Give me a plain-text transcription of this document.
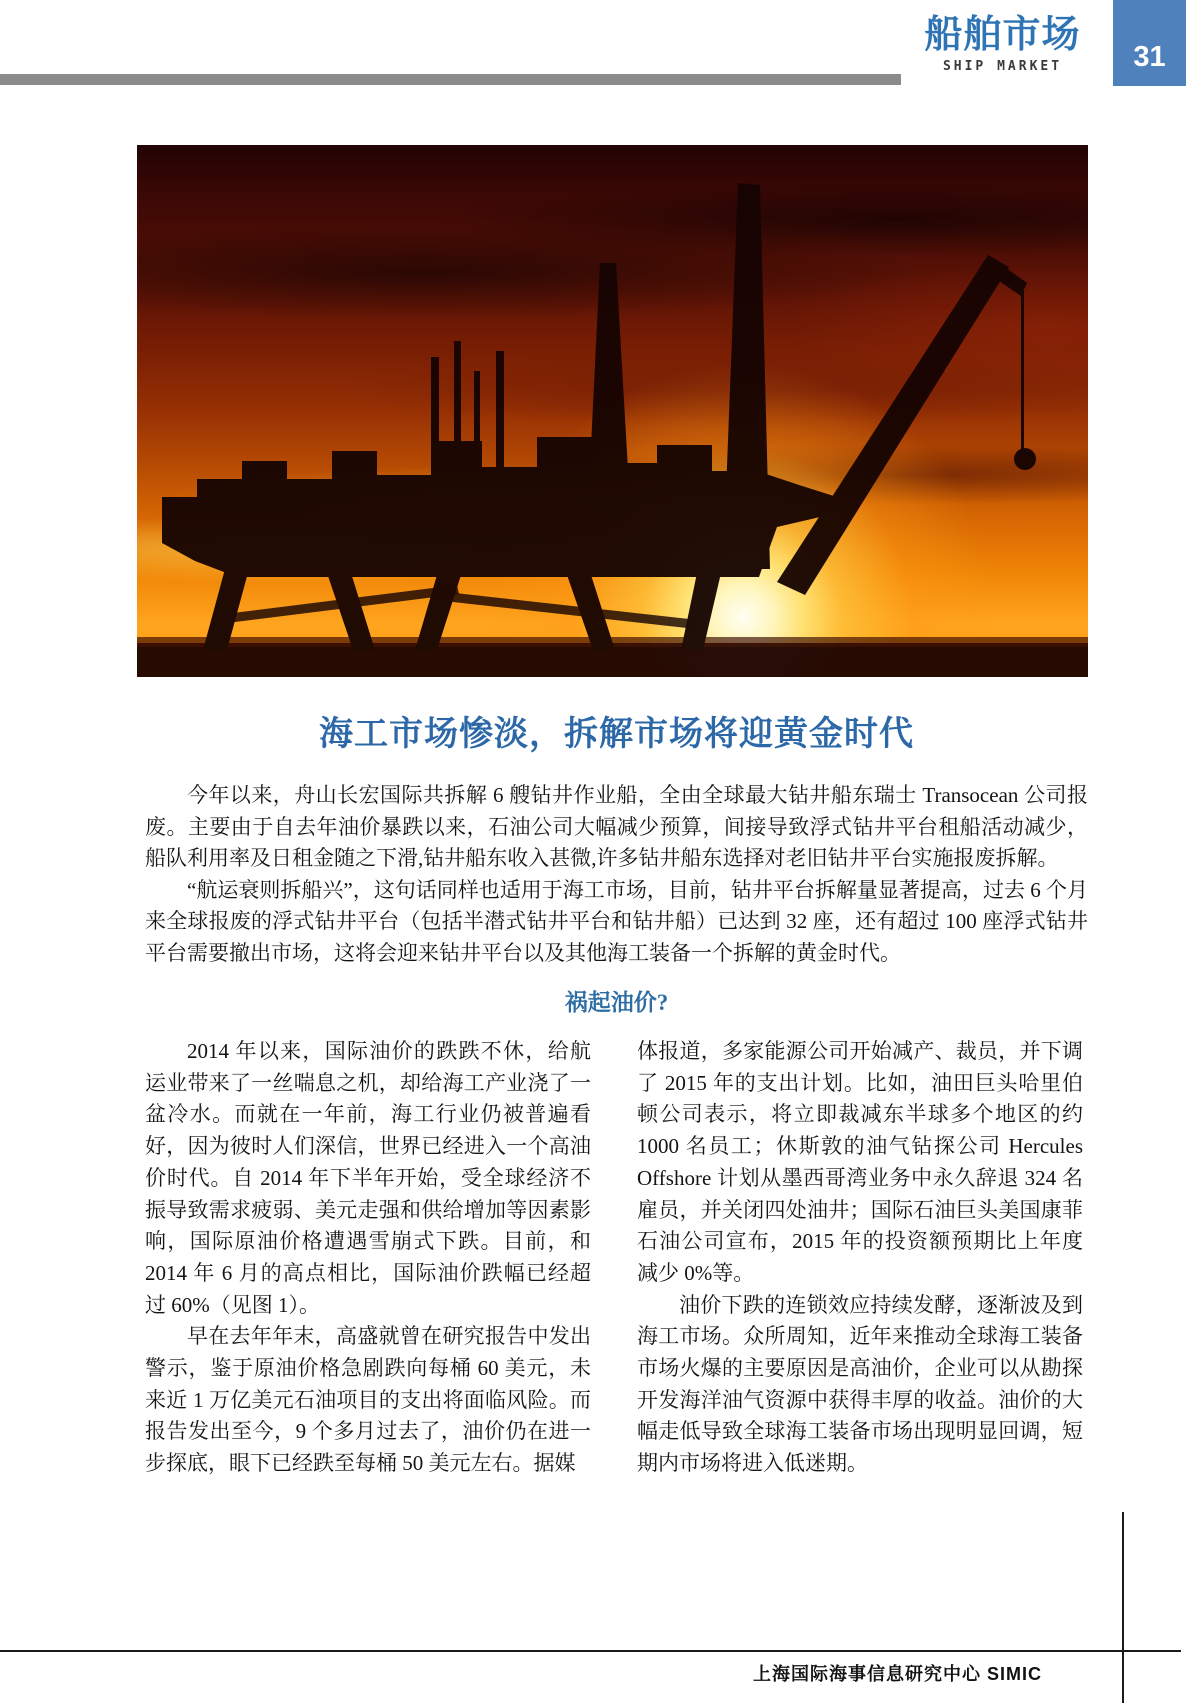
船舶市场
SHIP MARKET	31
海工市场惨淡，拆解市场将迎黄金时代

今年以来，舟山长宏国际共拆解 6 艘钻井作业船，全由全球最大钻井船东瑞士 Transocean 公司报废。主要由于自去年油价暴跌以来，石油公司大幅减少预算，间接导致浮式钻井平台租船活动减少，船队利用率及日租金随之下滑,钻井船东收入甚微,许多钻井船东选择对老旧钻井平台实施报废拆解。

“航运衰则拆船兴”，这句话同样也适用于海工市场，目前，钻井平台拆解量显著提高，过去 6 个月来全球报废的浮式钻井平台（包括半潜式钻井平台和钻井船）已达到 32 座，还有超过 100 座浮式钻井平台需要撤出市场，这将会迎来钻井平台以及其他海工装备一个拆解的黄金时代。

祸起油价?

2014 年以来，国际油价的跌跌不休，给航运业带来了一丝喘息之机，却给海工产业浇了一盆冷水。而就在一年前，海工行业仍被普遍看好，因为彼时人们深信，世界已经进入一个高油价时代。自 2014 年下半年开始，受全球经济不振导致需求疲弱、美元走强和供给增加等因素影响，国际原油价格遭遇雪崩式下跌。目前，和 2014 年 6 月的高点相比，国际油价跌幅已经超过 60%（见图 1）。

早在去年年末，高盛就曾在研究报告中发出警示，鉴于原油价格急剧跌向每桶 60 美元，未来近 1 万亿美元石油项目的支出将面临风险。而报告发出至今，9 个多月过去了，油价仍在进一步探底，眼下已经跌至每桶 50 美元左右。据媒

体报道，多家能源公司开始减产、裁员，并下调了 2015 年的支出计划。比如，油田巨头哈里伯顿公司表示，将立即裁减东半球多个地区的约 1000 名员工；休斯敦的油气钻探公司 Hercules Offshore 计划从墨西哥湾业务中永久辞退 324 名雇员，并关闭四处油井；国际石油巨头美国康菲石油公司宣布，2015 年的投资额预期比上年度减少 0%等。

油价下跌的连锁效应持续发酵，逐渐波及到海工市场。众所周知，近年来推动全球海工装备市场火爆的主要原因是高油价，企业可以从勘探开发海洋油气资源中获得丰厚的收益。油价的大幅走低导致全球海工装备市场出现明显回调，短期内市场将进入低迷期。

上海国际海事信息研究中心 SIMIC
